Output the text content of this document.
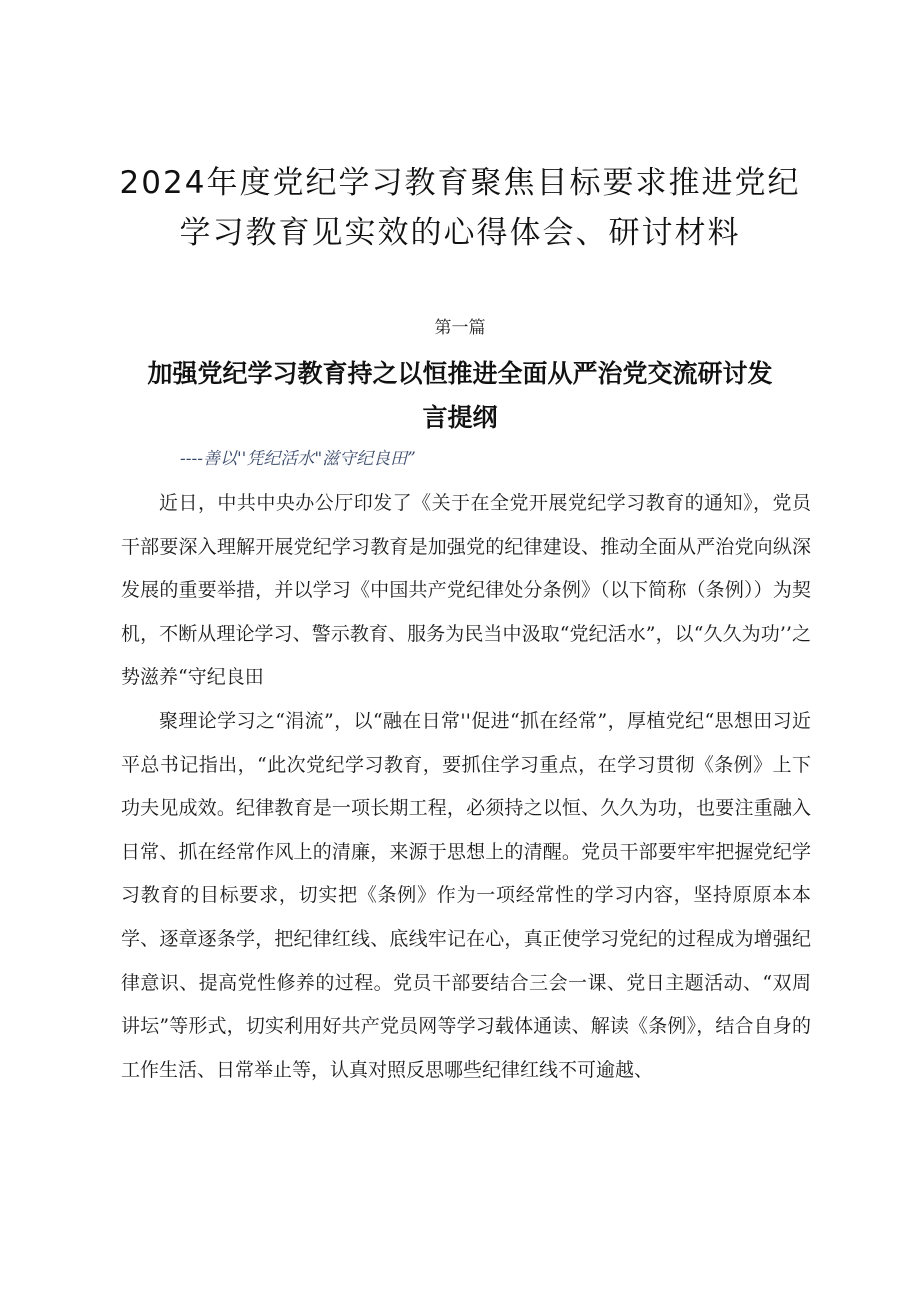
2024年度党纪学习教育聚焦目标要求推进党纪学习教育见实效的心得体会、研讨材料
第一篇
加强党纪学习教育持之以恒推进全面从严治党交流研讨发言提纲
----善以''凭纪活水"滋守纪良田”

近日，中共中央办公厅印发了《关于在全党开展党纪学习教育的通知》，党员干部要深入理解开展党纪学习教育是加强党的纪律建设、推动全面从严治党向纵深发展的重要举措，并以学习《中国共产党纪律处分条例》（以下简称（条例））为契机，不断从理论学习、警示教育、服务为民当中汲取“党纪活水”，以“久久为功’’之势滋养“守纪良田

聚理论学习之“涓流”，以“融在日常''促进“抓在经常”，厚植党纪“思想田习近平总书记指出，“此次党纪学习教育，要抓住学习重点，在学习贯彻《条例》上下功夫见成效。纪律教育是一项长期工程，必须持之以恒、久久为功，也要注重融入日常、抓在经常作风上的清廉，来源于思想上的清醒。党员干部要牢牢把握党纪学习教育的目标要求，切实把《条例》作为一项经常性的学习内容，坚持原原本本学、逐章逐条学，把纪律红线、底线牢记在心，真正使学习党纪的过程成为增强纪律意识、提高党性修养的过程。党员干部要结合三会一课、党日主题活动、“双周讲坛”等形式，切实利用好共产党员网等学习载体通读、解读《条例》，结合自身的工作生活、日常举止等，认真对照反思哪些纪律红线不可逾越、
